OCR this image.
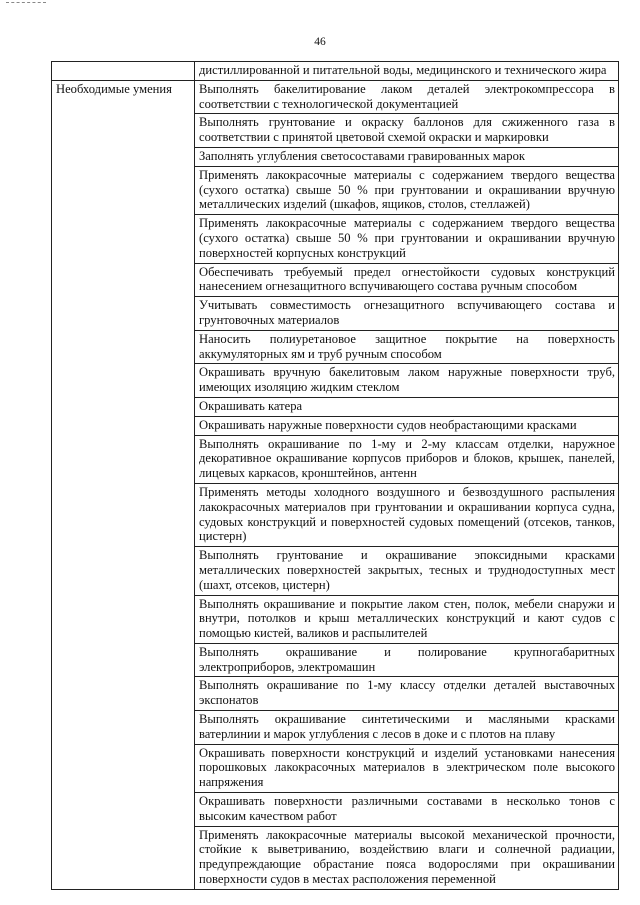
46
	дистиллированной и питательной воды, медицинского и технического жира
Необходимые умения	Выполнять бакелитирование лаком деталей электрокомпрессора в соответствии с технологической документацией
	Выполнять грунтование и окраску баллонов для сжиженного газа в соответствии с принятой цветовой схемой окраски и маркировки
	Заполнять углубления светосоставами гравированных марок
	Применять лакокрасочные материалы с содержанием твердого вещества (сухого остатка) свыше 50 % при грунтовании и окрашивании вручную металлических изделий (шкафов, ящиков, столов, стеллажей)
	Применять лакокрасочные материалы с содержанием твердого вещества (сухого остатка) свыше 50 % при грунтовании и окрашивании вручную поверхностей корпусных конструкций
	Обеспечивать требуемый предел огнестойкости судовых конструкций нанесением огнезащитного вспучивающего состава ручным способом
	Учитывать совместимость огнезащитного вспучивающего состава и грунтовочных материалов
	Наносить полиуретановое защитное покрытие на поверхность аккумуляторных ям и труб ручным способом
	Окрашивать вручную бакелитовым лаком наружные поверхности труб, имеющих изоляцию жидким стеклом
	Окрашивать катера
	Окрашивать наружные поверхности судов необрастающими красками
	Выполнять окрашивание по 1-му и 2-му классам отделки, наружное декоративное окрашивание корпусов приборов и блоков, крышек, панелей, лицевых каркасов, кронштейнов, антенн
	Применять методы холодного воздушного и безвоздушного распыления лакокрасочных материалов при грунтовании и окрашивании корпуса судна, судовых конструкций и поверхностей судовых помещений (отсеков, танков, цистерн)
	Выполнять грунтование и окрашивание эпоксидными красками металлических поверхностей закрытых, тесных и труднодоступных мест (шахт, отсеков, цистерн)
	Выполнять окрашивание и покрытие лаком стен, полок, мебели снаружи и внутри, потолков и крыш металлических конструкций и кают судов с помощью кистей, валиков и распылителей
	Выполнять окрашивание и полирование крупногабаритных электроприборов, электромашин
	Выполнять окрашивание по 1-му классу отделки деталей выставочных экспонатов
	Выполнять окрашивание синтетическими и масляными красками ватерлинии и марок углубления с лесов в доке и с плотов на плаву
	Окрашивать поверхности конструкций и изделий установками нанесения порошковых лакокрасочных материалов в электрическом поле высокого напряжения
	Окрашивать поверхности различными составами в несколько тонов с высоким качеством работ
	Применять лакокрасочные материалы высокой механической прочности, стойкие к выветриванию, воздействию влаги и солнечной радиации, предупреждающие обрастание пояса водорослями при окрашивании поверхности судов в местах расположения переменной
